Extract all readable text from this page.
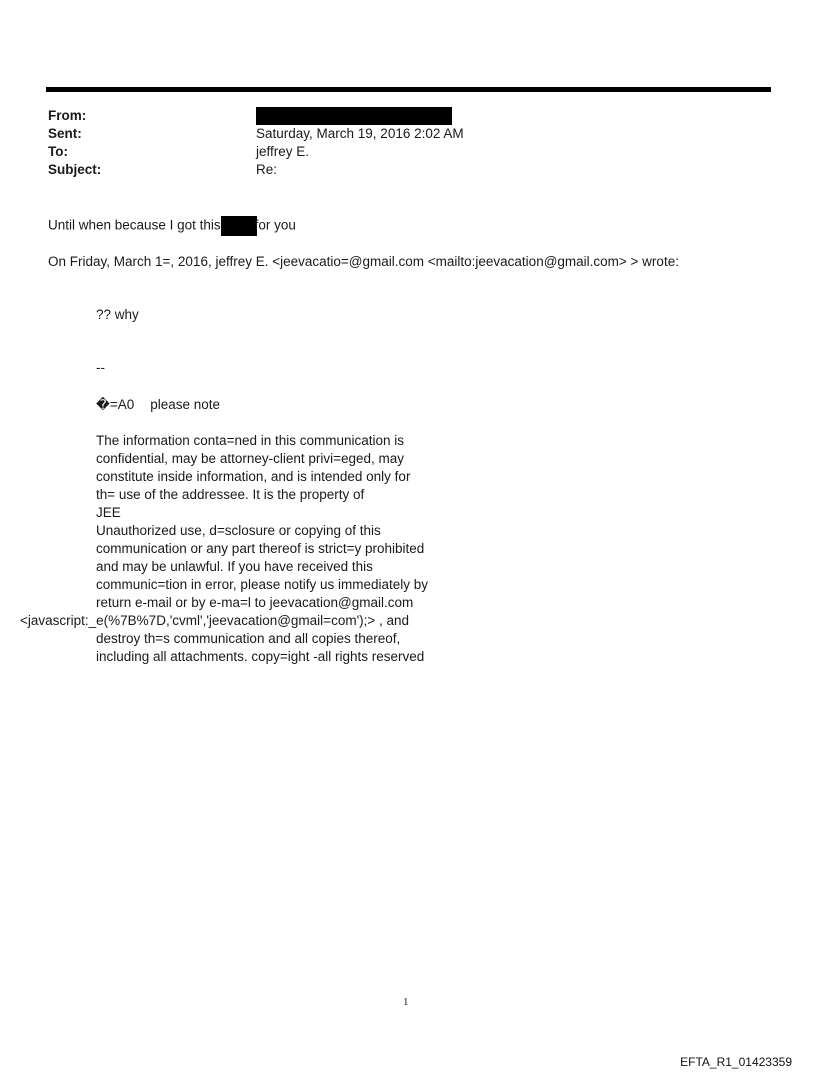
From:
Sent:	Saturday, March 19, 2016 2:02 AM
To:	jeffrey E.
Subject:	Re:
Until when because I got this	for you
On Friday, March 1=, 2016, jeffrey E. <jeevacatio=@gmail.com <mailto:jeevacation@gmail.com> > wrote:
?? why
--
�=A0 please note
The information conta=ned in this communication is
confidential, may be attorney-client privi=eged, may
constitute inside information, and is intended only for
th= use of the addressee. It is the property of
JEE
Unauthorized use, d=sclosure or copying of this
communication or any part thereof is strict=y prohibited
and may be unlawful. If you have received this
communic=tion in error, please notify us immediately by
return e-mail or by e-ma=l to jeevacation@gmail.com
<javascript:_e(%7B%7D,'cvml','jeevacation@gmail=com');> , and
destroy th=s communication and all copies thereof,
including all attachments. copy=ight -all rights reserved
1
EFTA_R1_01423359
